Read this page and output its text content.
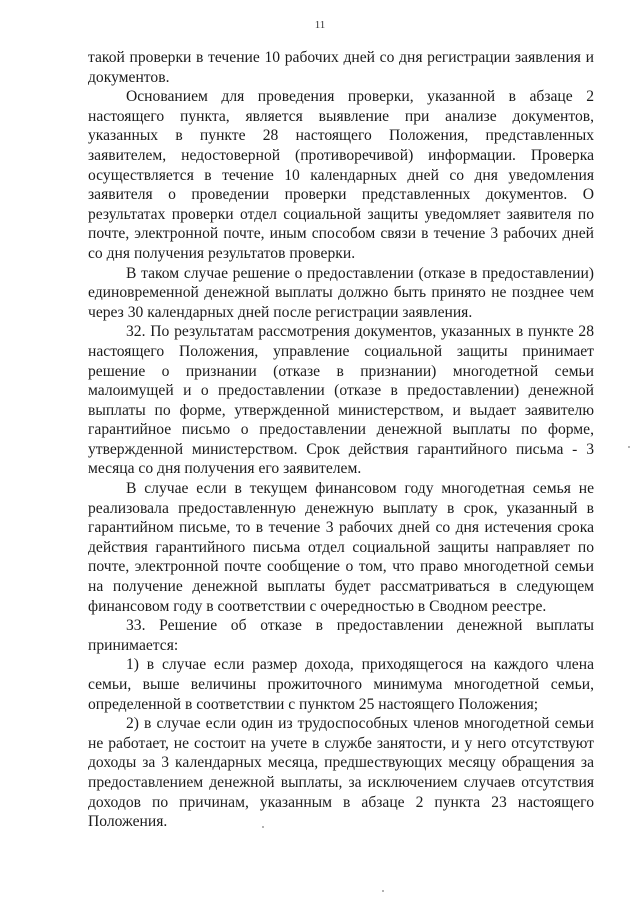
11

такой проверки в течение 10 рабочих дней со дня регистрации заявления и документов.

Основанием для проведения проверки, указанной в абзаце 2 настоящего пункта, является выявление при анализе документов, указанных в пункте 28 настоящего Положения, представленных заявителем, недостоверной (противоречивой) информации. Проверка осуществляется в течение 10 календарных дней со дня уведомления заявителя о проведении проверки представленных документов. О результатах проверки отдел социальной защиты уведомляет заявителя по почте, электронной почте, иным способом связи в течение 3 рабочих дней со дня получения результатов проверки.

В таком случае решение о предоставлении (отказе в предоставлении) единовременной денежной выплаты должно быть принято не позднее чем через 30 календарных дней после регистрации заявления.

32. По результатам рассмотрения документов, указанных в пункте 28 настоящего Положения, управление социальной защиты принимает решение о признании (отказе в признании) многодетной семьи малоимущей и о предоставлении (отказе в предоставлении) денежной выплаты по форме, утвержденной министерством, и выдает заявителю гарантийное письмо о предоставлении денежной выплаты по форме, утвержденной министерством. Срок действия гарантийного письма - 3 месяца со дня получения его заявителем.

В случае если в текущем финансовом году многодетная семья не реализовала предоставленную денежную выплату в срок, указанный в гарантийном письме, то в течение 3 рабочих дней со дня истечения срока действия гарантийного письма отдел социальной защиты направляет по почте, электронной почте сообщение о том, что право многодетной семьи на получение денежной выплаты будет рассматриваться в следующем финансовом году в соответствии с очередностью в Сводном реестре.

33. Решение об отказе в предоставлении денежной выплаты принимается:

1) в случае если размер дохода, приходящегося на каждого члена семьи, выше величины прожиточного минимума многодетной семьи, определенной в соответствии с пунктом 25 настоящего Положения;

2) в случае если один из трудоспособных членов многодетной семьи не работает, не состоит на учете в службе занятости, и у него отсутствуют доходы за 3 календарных месяца, предшествующих месяцу обращения за предоставлением денежной выплаты, за исключением случаев отсутствия доходов по причинам, указанным в абзаце 2 пункта 23 настоящего Положения.
